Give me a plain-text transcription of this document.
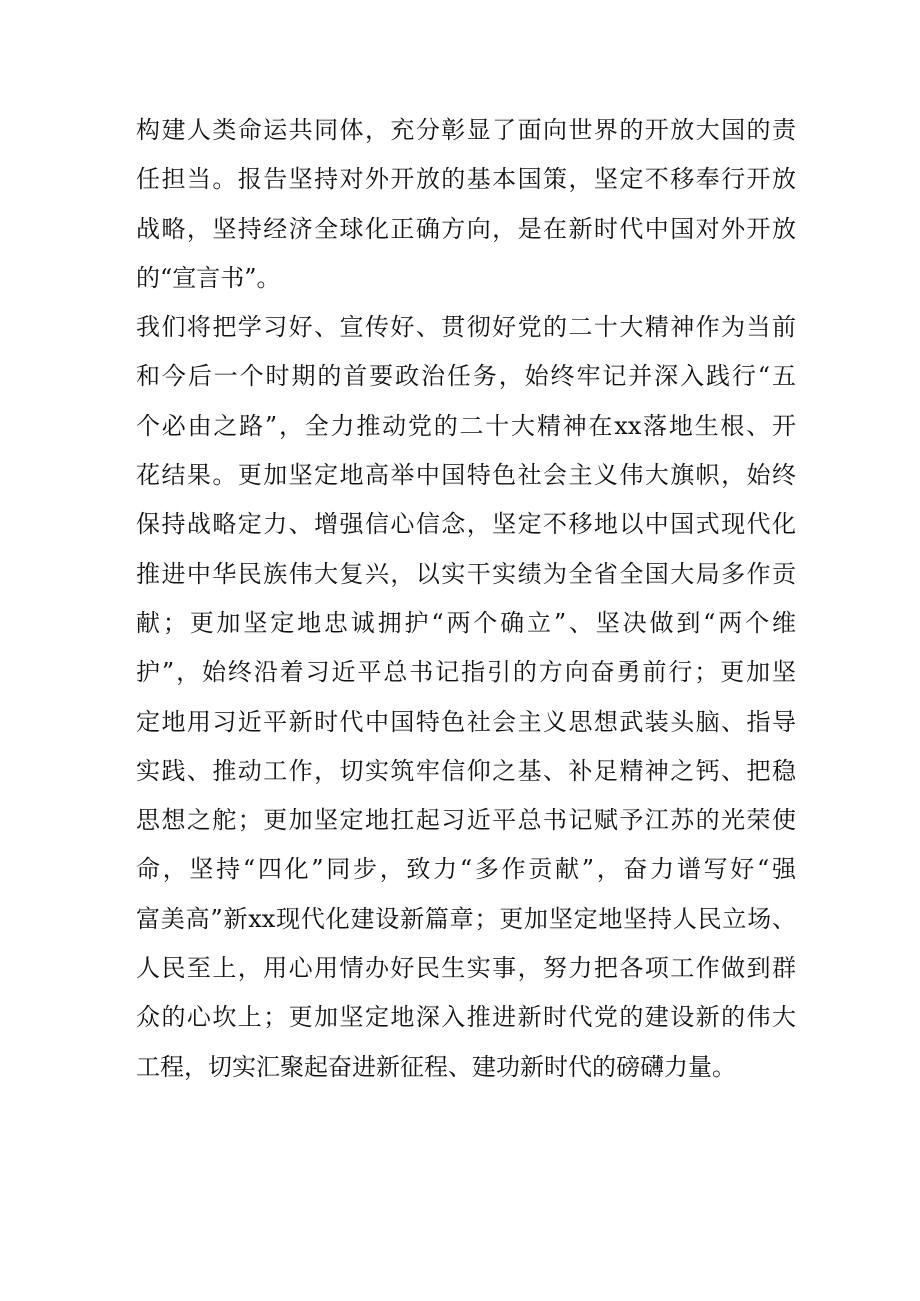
构建人类命运共同体，充分彰显了面向世界的开放大国的责
任担当。报告坚持对外开放的基本国策，坚定不移奉行开放
战略，坚持经济全球化正确方向，是在新时代中国对外开放
的“宣言书”。
我们将把学习好、宣传好、贯彻好党的二十大精神作为当前
和今后一个时期的首要政治任务，始终牢记并深入践行“五
个必由之路”，全力推动党的二十大精神在xx落地生根、开
花结果。更加坚定地高举中国特色社会主义伟大旗帜，始终
保持战略定力、增强信心信念，坚定不移地以中国式现代化
推进中华民族伟大复兴，以实干实绩为全省全国大局多作贡
献；更加坚定地忠诚拥护“两个确立”、坚决做到“两个维
护”，始终沿着习近平总书记指引的方向奋勇前行；更加坚
定地用习近平新时代中国特色社会主义思想武装头脑、指导
实践、推动工作，切实筑牢信仰之基、补足精神之钙、把稳
思想之舵；更加坚定地扛起习近平总书记赋予江苏的光荣使
命，坚持“四化”同步，致力“多作贡献”，奋力谱写好“强
富美高”新xx现代化建设新篇章；更加坚定地坚持人民立场、
人民至上，用心用情办好民生实事，努力把各项工作做到群
众的心坎上；更加坚定地深入推进新时代党的建设新的伟大
工程，切实汇聚起奋进新征程、建功新时代的磅礴力量。
